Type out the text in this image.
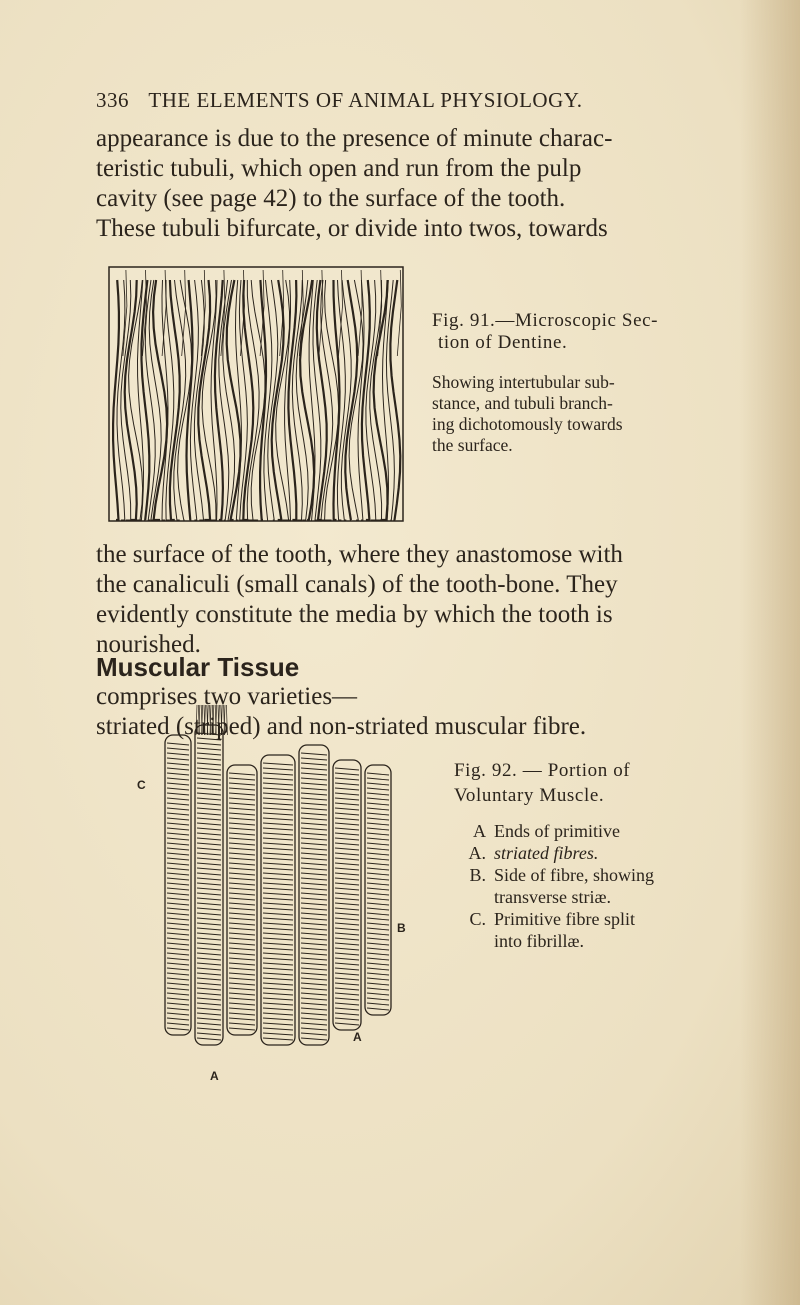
336 THE ELEMENTS OF ANIMAL PHYSIOLOGY.

appearance is due to the presence of minute charac-
teristic tubuli, which open and run from the pulp
cavity (see page 42) to the surface of the tooth.
These tubuli bifurcate, or divide into twos, towards

Fig. 91.—Microscopic Sec-
tion of Dentine.
Showing intertubular sub-
stance, and tubuli branch-
ing dichotomously towards
the surface.

the surface of the tooth, where they anastomose with
the canaliculi (small canals) of the tooth-bone. They
evidently constitute the media by which the tooth is
nourished.

Muscular Tissue
comprises two varieties—
striated (striped) and non-striated muscular fibre.

C
B
A
A
Fig. 92. — Portion of
Voluntary Muscle.
A A.
Ends of primitive
striated fibres.
B. Side of fibre, showing
transverse striæ.
C. Primitive fibre split
into fibrillæ.
